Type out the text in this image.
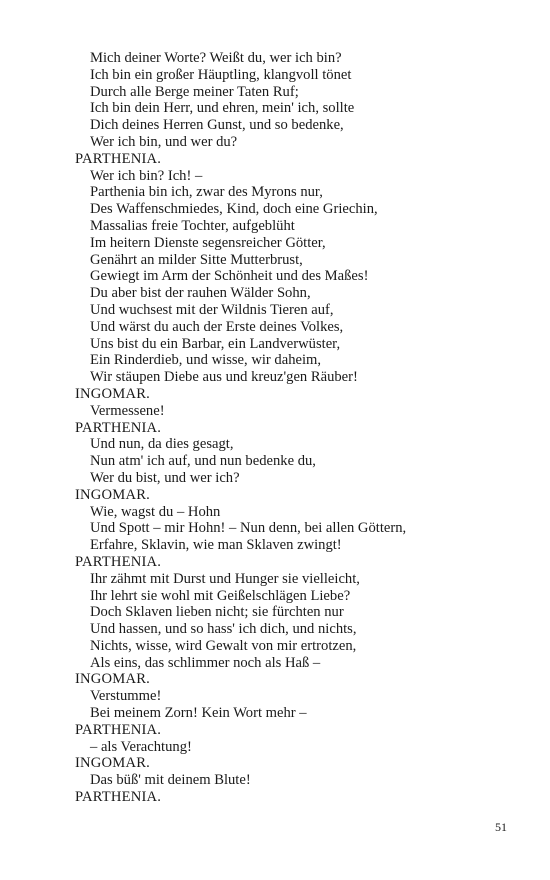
Mich deiner Worte? Weißt du, wer ich bin?
Ich bin ein großer Häuptling, klangvoll tönet
Durch alle Berge meiner Taten Ruf;
Ich bin dein Herr, und ehren, mein' ich, sollte
Dich deines Herren Gunst, und so bedenke,
Wer ich bin, und wer du?
PARTHENIA.
Wer ich bin? Ich! –
Parthenia bin ich, zwar des Myrons nur,
Des Waffenschmiedes, Kind, doch eine Griechin,
Massalias freie Tochter, aufgeblüht
Im heitern Dienste segensreicher Götter,
Genährt an milder Sitte Mutterbrust,
Gewiegt im Arm der Schönheit und des Maßes!
Du aber bist der rauhen Wälder Sohn,
Und wuchsest mit der Wildnis Tieren auf,
Und wärst du auch der Erste deines Volkes,
Uns bist du ein Barbar, ein Landverwüster,
Ein Rinderdieb, und wisse, wir daheim,
Wir stäupen Diebe aus und kreuz'gen Räuber!
INGOMAR.
Vermessene!
PARTHENIA.
Und nun, da dies gesagt,
Nun atm' ich auf, und nun bedenke du,
Wer du bist, und wer ich?
INGOMAR.
Wie, wagst du – Hohn
Und Spott – mir Hohn! – Nun denn, bei allen Göttern,
Erfahre, Sklavin, wie man Sklaven zwingt!
PARTHENIA.
Ihr zähmt mit Durst und Hunger sie vielleicht,
Ihr lehrt sie wohl mit Geißelschlägen Liebe?
Doch Sklaven lieben nicht; sie fürchten nur
Und hassen, und so hass' ich dich, und nichts,
Nichts, wisse, wird Gewalt von mir ertrotzen,
Als eins, das schlimmer noch als Haß –
INGOMAR.
Verstumme!
Bei meinem Zorn! Kein Wort mehr –
PARTHENIA.
– als Verachtung!
INGOMAR.
Das büß' mit deinem Blute!
PARTHENIA.
51
